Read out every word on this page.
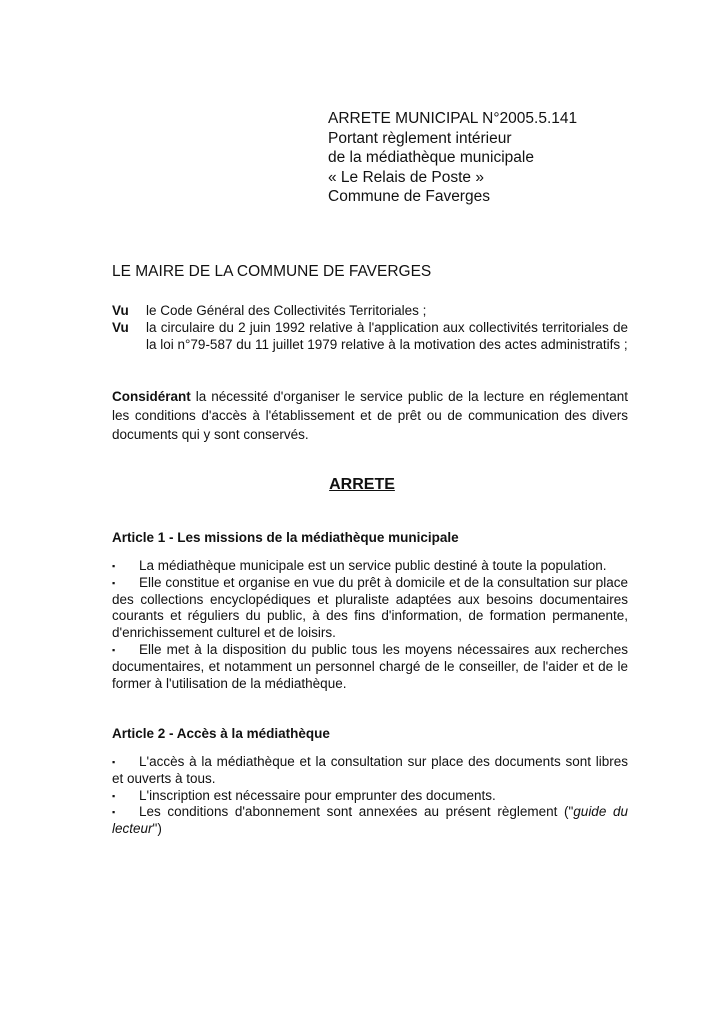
ARRETE MUNICIPAL N°2005.5.141
Portant règlement intérieur
de la médiathèque municipale
« Le Relais de Poste »
Commune de Faverges
LE MAIRE DE LA COMMUNE DE FAVERGES
Vu	le Code Général des Collectivités Territoriales ;
Vu	la circulaire du 2 juin 1992 relative à l'application aux collectivités territoriales de la loi n°79-587 du 11 juillet 1979 relative à la motivation des actes administratifs ;
Considérant la nécessité d'organiser le service public de la lecture en réglementant les conditions d'accès à l'établissement et de prêt ou de communication des divers documents qui y sont conservés.
ARRETE
Article 1 - Les missions de la médiathèque municipale

▪ La médiathèque municipale est un service public destiné à toute la population.

▪ Elle constitue et organise en vue du prêt à domicile et de la consultation sur place des collections encyclopédiques et pluraliste adaptées aux besoins documentaires courants et réguliers du public, à des fins d'information, de formation permanente, d'enrichissement culturel et de loisirs.

▪ Elle met à la disposition du public tous les moyens nécessaires aux recherches documentaires, et notamment un personnel chargé de le conseiller, de l'aider et de le former à l'utilisation de la médiathèque.

Article 2 - Accès à la médiathèque

▪ L'accès à la médiathèque et la consultation sur place des documents sont libres et ouverts à tous.

▪ L'inscription est nécessaire pour emprunter des documents.

▪ Les conditions d'abonnement sont annexées au présent règlement ("guide du lecteur")
